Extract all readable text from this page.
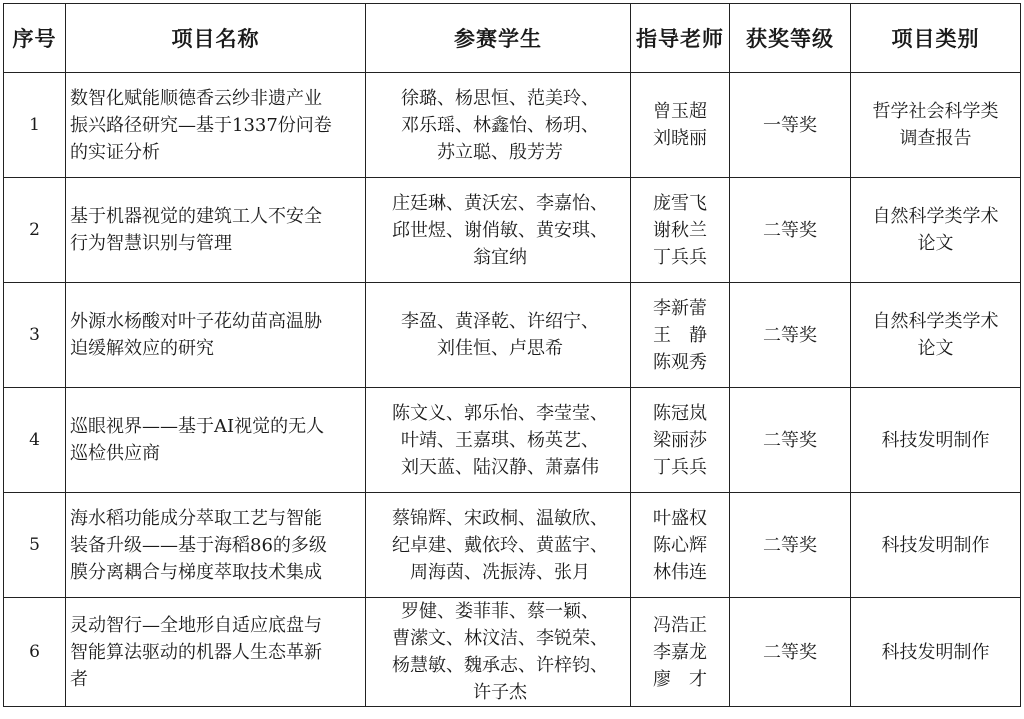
序号	项目名称	参赛学生	指导老师	获奖等级	项目类别
1	数智化赋能顺德香云纱非遗产业
振兴路径研究—基于1337份问卷
的实证分析	徐璐、杨思恒、范美玲、
邓乐瑶、林鑫怡、杨玥、
苏立聪、殷芳芳	曾玉超
刘晓丽	一等奖	哲学社会科学类
调查报告

2	基于机器视觉的建筑工人不安全
行为智慧识别与管理	庄廷琳、黄沃宏、李嘉怡、
邱世煜、谢俏敏、黄安琪、
翁宜纳	庞雪飞
谢秋兰
丁兵兵	二等奖	自然科学类学术
论文

3	外源水杨酸对叶子花幼苗高温胁
迫缓解效应的研究	李盈、黄泽乾、许绍宁、
刘佳恒、卢思希	李新蕾
王　静
陈观秀	二等奖	自然科学类学术
论文

4	巡眼视界——基于AI视觉的无人
巡检供应商	陈文义、郭乐怡、李莹莹、
叶靖、王嘉琪、杨英艺、
刘天蓝、陆汉静、萧嘉伟	陈冠岚
梁丽莎
丁兵兵	二等奖	科技发明制作

5	海水稻功能成分萃取工艺与智能
装备升级——基于海稻86的多级
膜分离耦合与梯度萃取技术集成	蔡锦辉、宋政桐、温敏欣、
纪卓建、戴依玲、黄蓝宇、
周海茵、冼振涛、张月	叶盛权
陈心辉
林伟连	二等奖	科技发明制作

6	灵动智行—全地形自适应底盘与
智能算法驱动的机器人生态革新
者	罗健、娄菲菲、蔡一颖、
曹潆文、林汶洁、李锐荣、
杨慧敏、魏承志、许梓钧、
许子杰	冯浩正
李嘉龙
廖　才	二等奖	科技发明制作
